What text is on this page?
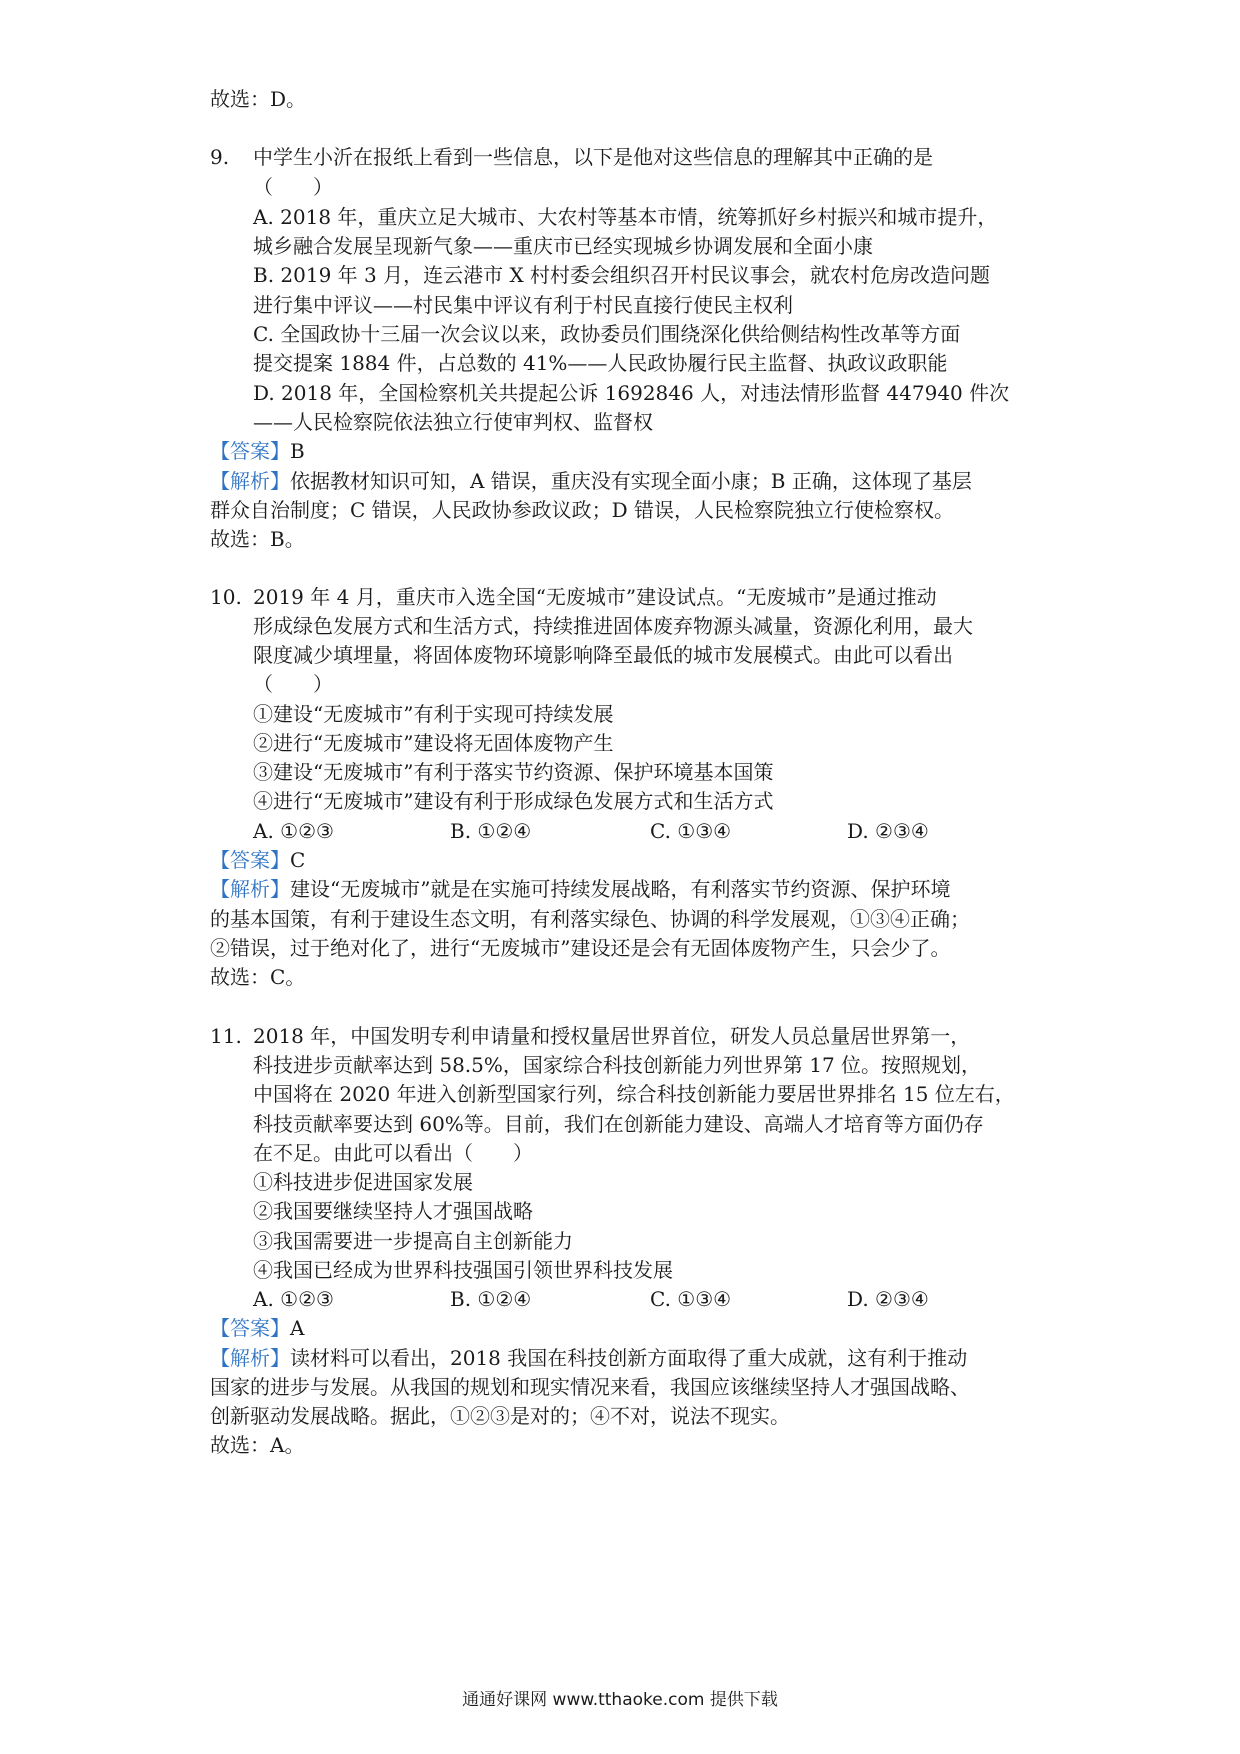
故选：D。
9. 中学生小沂在报纸上看到一些信息，以下是他对这些信息的理解其中正确的是
（　　）
A. 2018 年，重庆立足大城市、大农村等基本市情，统筹抓好乡村振兴和城市提升，
城乡融合发展呈现新气象——重庆市已经实现城乡协调发展和全面小康
B. 2019 年 3 月，连云港市 X 村村委会组织召开村民议事会，就农村危房改造问题
进行集中评议——村民集中评议有利于村民直接行使民主权利
C. 全国政协十三届一次会议以来，政协委员们围绕深化供给侧结构性改革等方面
提交提案 1884 件，占总数的 41%——人民政协履行民主监督、执政议政职能
D. 2018 年，全国检察机关共提起公诉 1692846 人，对违法情形监督 447940 件次
——人民检察院依法独立行使审判权、监督权
【答案】B
【解析】依据教材知识可知，A 错误，重庆没有实现全面小康；B 正确，这体现了基层
群众自治制度；C 错误，人民政协参政议政；D 错误，人民检察院独立行使检察权。
故选：B。
10. 2019 年 4 月，重庆市入选全国“无废城市”建设试点。“无废城市”是通过推动
形成绿色发展方式和生活方式，持续推进固体废弃物源头减量，资源化利用，最大
限度减少填埋量，将固体废物环境影响降至最低的城市发展模式。由此可以看出
（　　）
①建设“无废城市”有利于实现可持续发展
②进行“无废城市”建设将无固体废物产生
③建设“无废城市”有利于落实节约资源、保护环境基本国策
④进行“无废城市”建设有利于形成绿色发展方式和生活方式
A. ①②③	B. ①②④	C. ①③④	D. ②③④
【答案】C
【解析】建设“无废城市”就是在实施可持续发展战略，有利落实节约资源、保护环境
的基本国策，有利于建设生态文明，有利落实绿色、协调的科学发展观，①③④正确；
②错误，过于绝对化了，进行“无废城市”建设还是会有无固体废物产生，只会少了。
故选：C。
11. 2018 年，中国发明专利申请量和授权量居世界首位，研发人员总量居世界第一，
科技进步贡献率达到 58.5%，国家综合科技创新能力列世界第 17 位。按照规划，
中国将在 2020 年进入创新型国家行列，综合科技创新能力要居世界排名 15 位左右，
科技贡献率要达到 60%等。目前，我们在创新能力建设、高端人才培育等方面仍存
在不足。由此可以看出（　　）
①科技进步促进国家发展
②我国要继续坚持人才强国战略
③我国需要进一步提高自主创新能力
④我国已经成为世界科技强国引领世界科技发展
A. ①②③	B. ①②④	C. ①③④	D. ②③④
【答案】A
【解析】读材料可以看出，2018 我国在科技创新方面取得了重大成就，这有利于推动
国家的进步与发展。从我国的规划和现实情况来看，我国应该继续坚持人才强国战略、
创新驱动发展战略。据此，①②③是对的；④不对，说法不现实。
故选：A。
通通好课网 www.tthaoke.com 提供下载
